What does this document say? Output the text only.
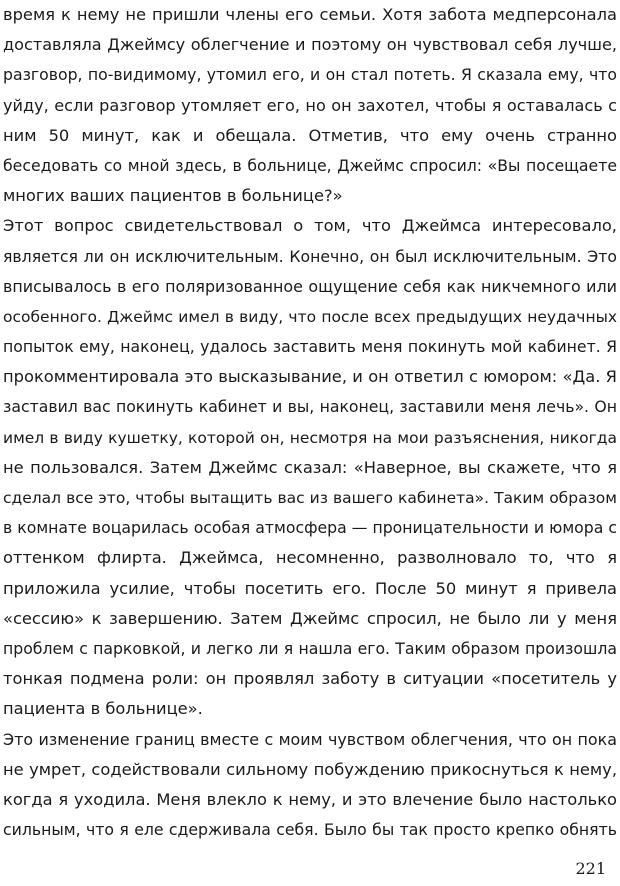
время к нему не пришли члены его семьи. Хотя забота медперсонала
доставляла Джеймсу облегчение и поэтому он чувствовал себя лучше,
разговор, по-видимому, утомил его, и он стал потеть. Я сказала ему, что
уйду, если разговор утомляет его, но он захотел, чтобы я оставалась с
ним 50 минут, как и обещала. Отметив, что ему очень странно
беседовать со мной здесь, в больнице, Джеймс спросил: «Вы посещаете
многих ваших пациентов в больнице?»
Этот вопрос свидетельствовал о том, что Джеймса интересовало,
является ли он исключительным. Конечно, он был исключительным. Это
вписывалось в его поляризованное ощущение себя как никчемного или
особенного. Джеймс имел в виду, что после всех предыдущих неудачных
попыток ему, наконец, удалось заставить меня покинуть мой кабинет. Я
прокомментировала это высказывание, и он ответил с юмором: «Да. Я
заставил вас покинуть кабинет и вы, наконец, заставили меня лечь». Он
имел в виду кушетку, которой он, несмотря на мои разъяснения, никогда
не пользовался. Затем Джеймс сказал: «Наверное, вы скажете, что я
сделал все это, чтобы вытащить вас из вашего кабинета». Таким образом
в комнате воцарилась особая атмосфера — проницательности и юмора с
оттенком флирта. Джеймса, несомненно, разволновало то, что я
приложила усилие, чтобы посетить его. После 50 минут я привела
«сессию» к завершению. Затем Джеймс спросил, не было ли у меня
проблем с парковкой, и легко ли я нашла его. Таким образом произошла
тонкая подмена роли: он проявлял заботу в ситуации «посетитель у
пациента в больнице».
Это изменение границ вместе с моим чувством облегчения, что он пока
не умрет, содействовали сильному побуждению прикоснуться к нему,
когда я уходила. Меня влекло к нему, и это влечение было настолько
сильным, что я еле сдерживала себя. Было бы так просто крепко обнять
221
